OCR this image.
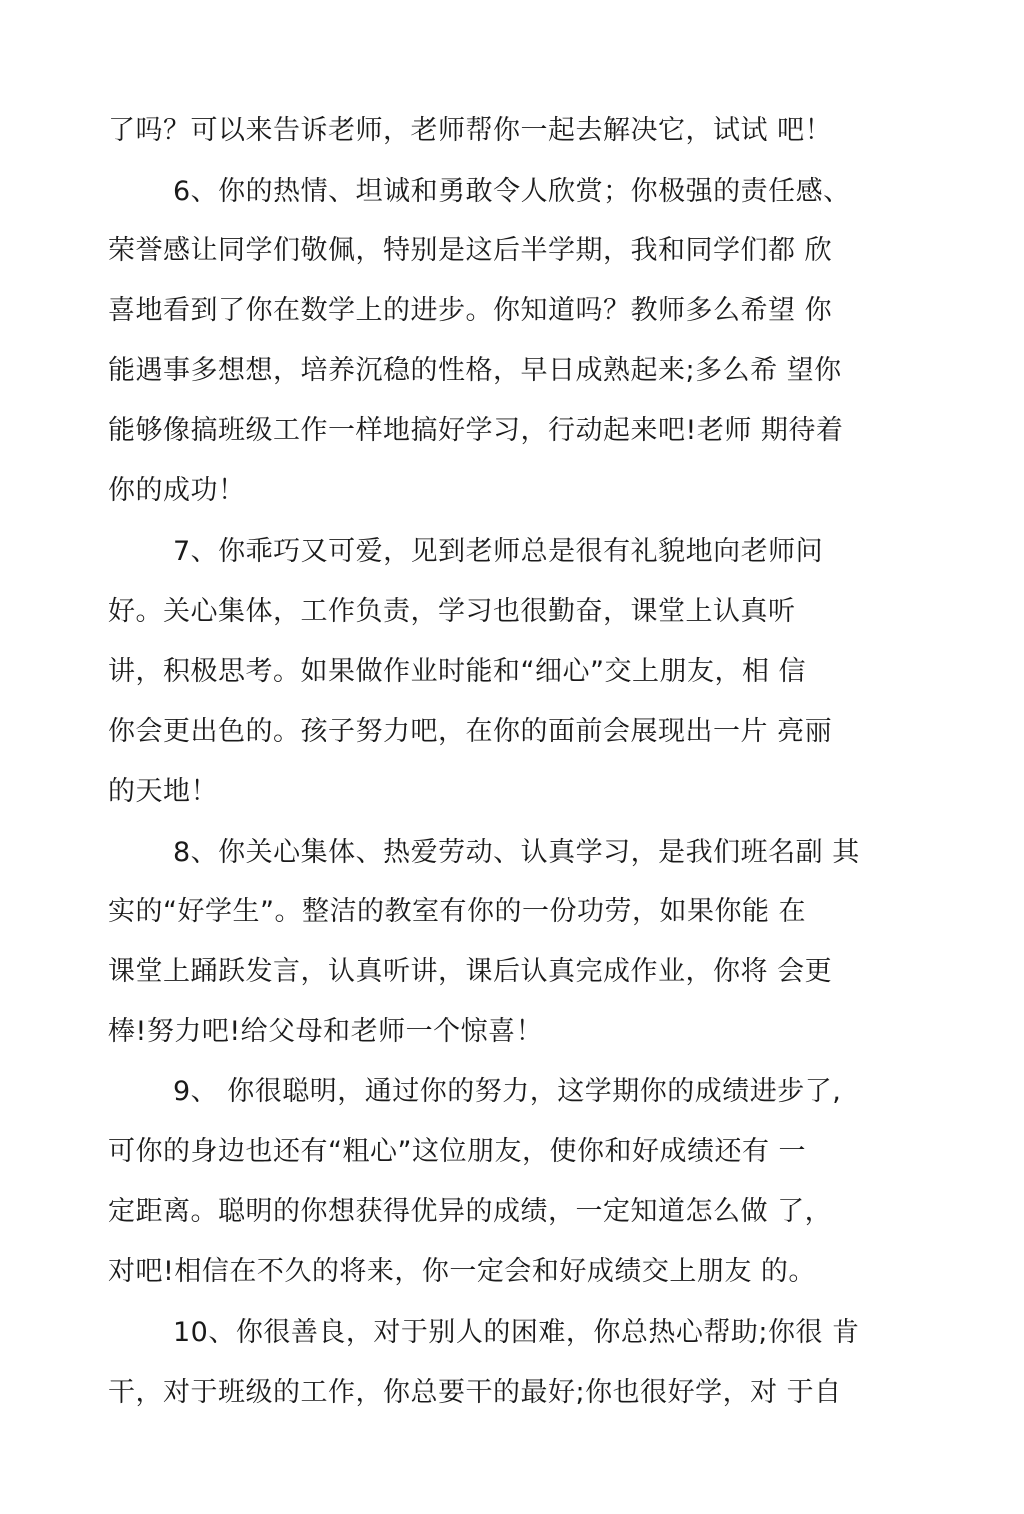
了吗？可以来告诉老师，老师帮你一起去解决它，试试 吧！
6、你的热情、坦诚和勇敢令人欣赏；你极强的责任感、
荣誉感让同学们敬佩，特别是这后半学期，我和同学们都 欣
喜地看到了你在数学上的进步。你知道吗？教师多么希望 你
能遇事多想想，培养沉稳的性格，早日成熟起来;多么希 望你
能够像搞班级工作一样地搞好学习，行动起来吧!老师 期待着
你的成功！
7、你乖巧又可爱，见到老师总是很有礼貌地向老师问
好。关心集体，工作负责，学习也很勤奋，课堂上认真听
讲，积极思考。如果做作业时能和“细心”交上朋友，相 信
你会更出色的。孩子努力吧，在你的面前会展现出一片 亮丽
的天地！
8、你关心集体、热爱劳动、认真学习，是我们班名副 其
实的“好学生”。整洁的教室有你的一份功劳，如果你能 在
课堂上踊跃发言，认真听讲，课后认真完成作业，你将 会更
棒!努力吧!给父母和老师一个惊喜！
9、 你很聪明，通过你的努力，这学期你的成绩进步了,
可你的身边也还有“粗心”这位朋友，使你和好成绩还有 一
定距离。聪明的你想获得优异的成绩，一定知道怎么做 了，
对吧!相信在不久的将来，你一定会和好成绩交上朋友 的。
10、你很善良，对于别人的困难，你总热心帮助;你很 肯
干，对于班级的工作，你总要干的最好;你也很好学，对 于自
